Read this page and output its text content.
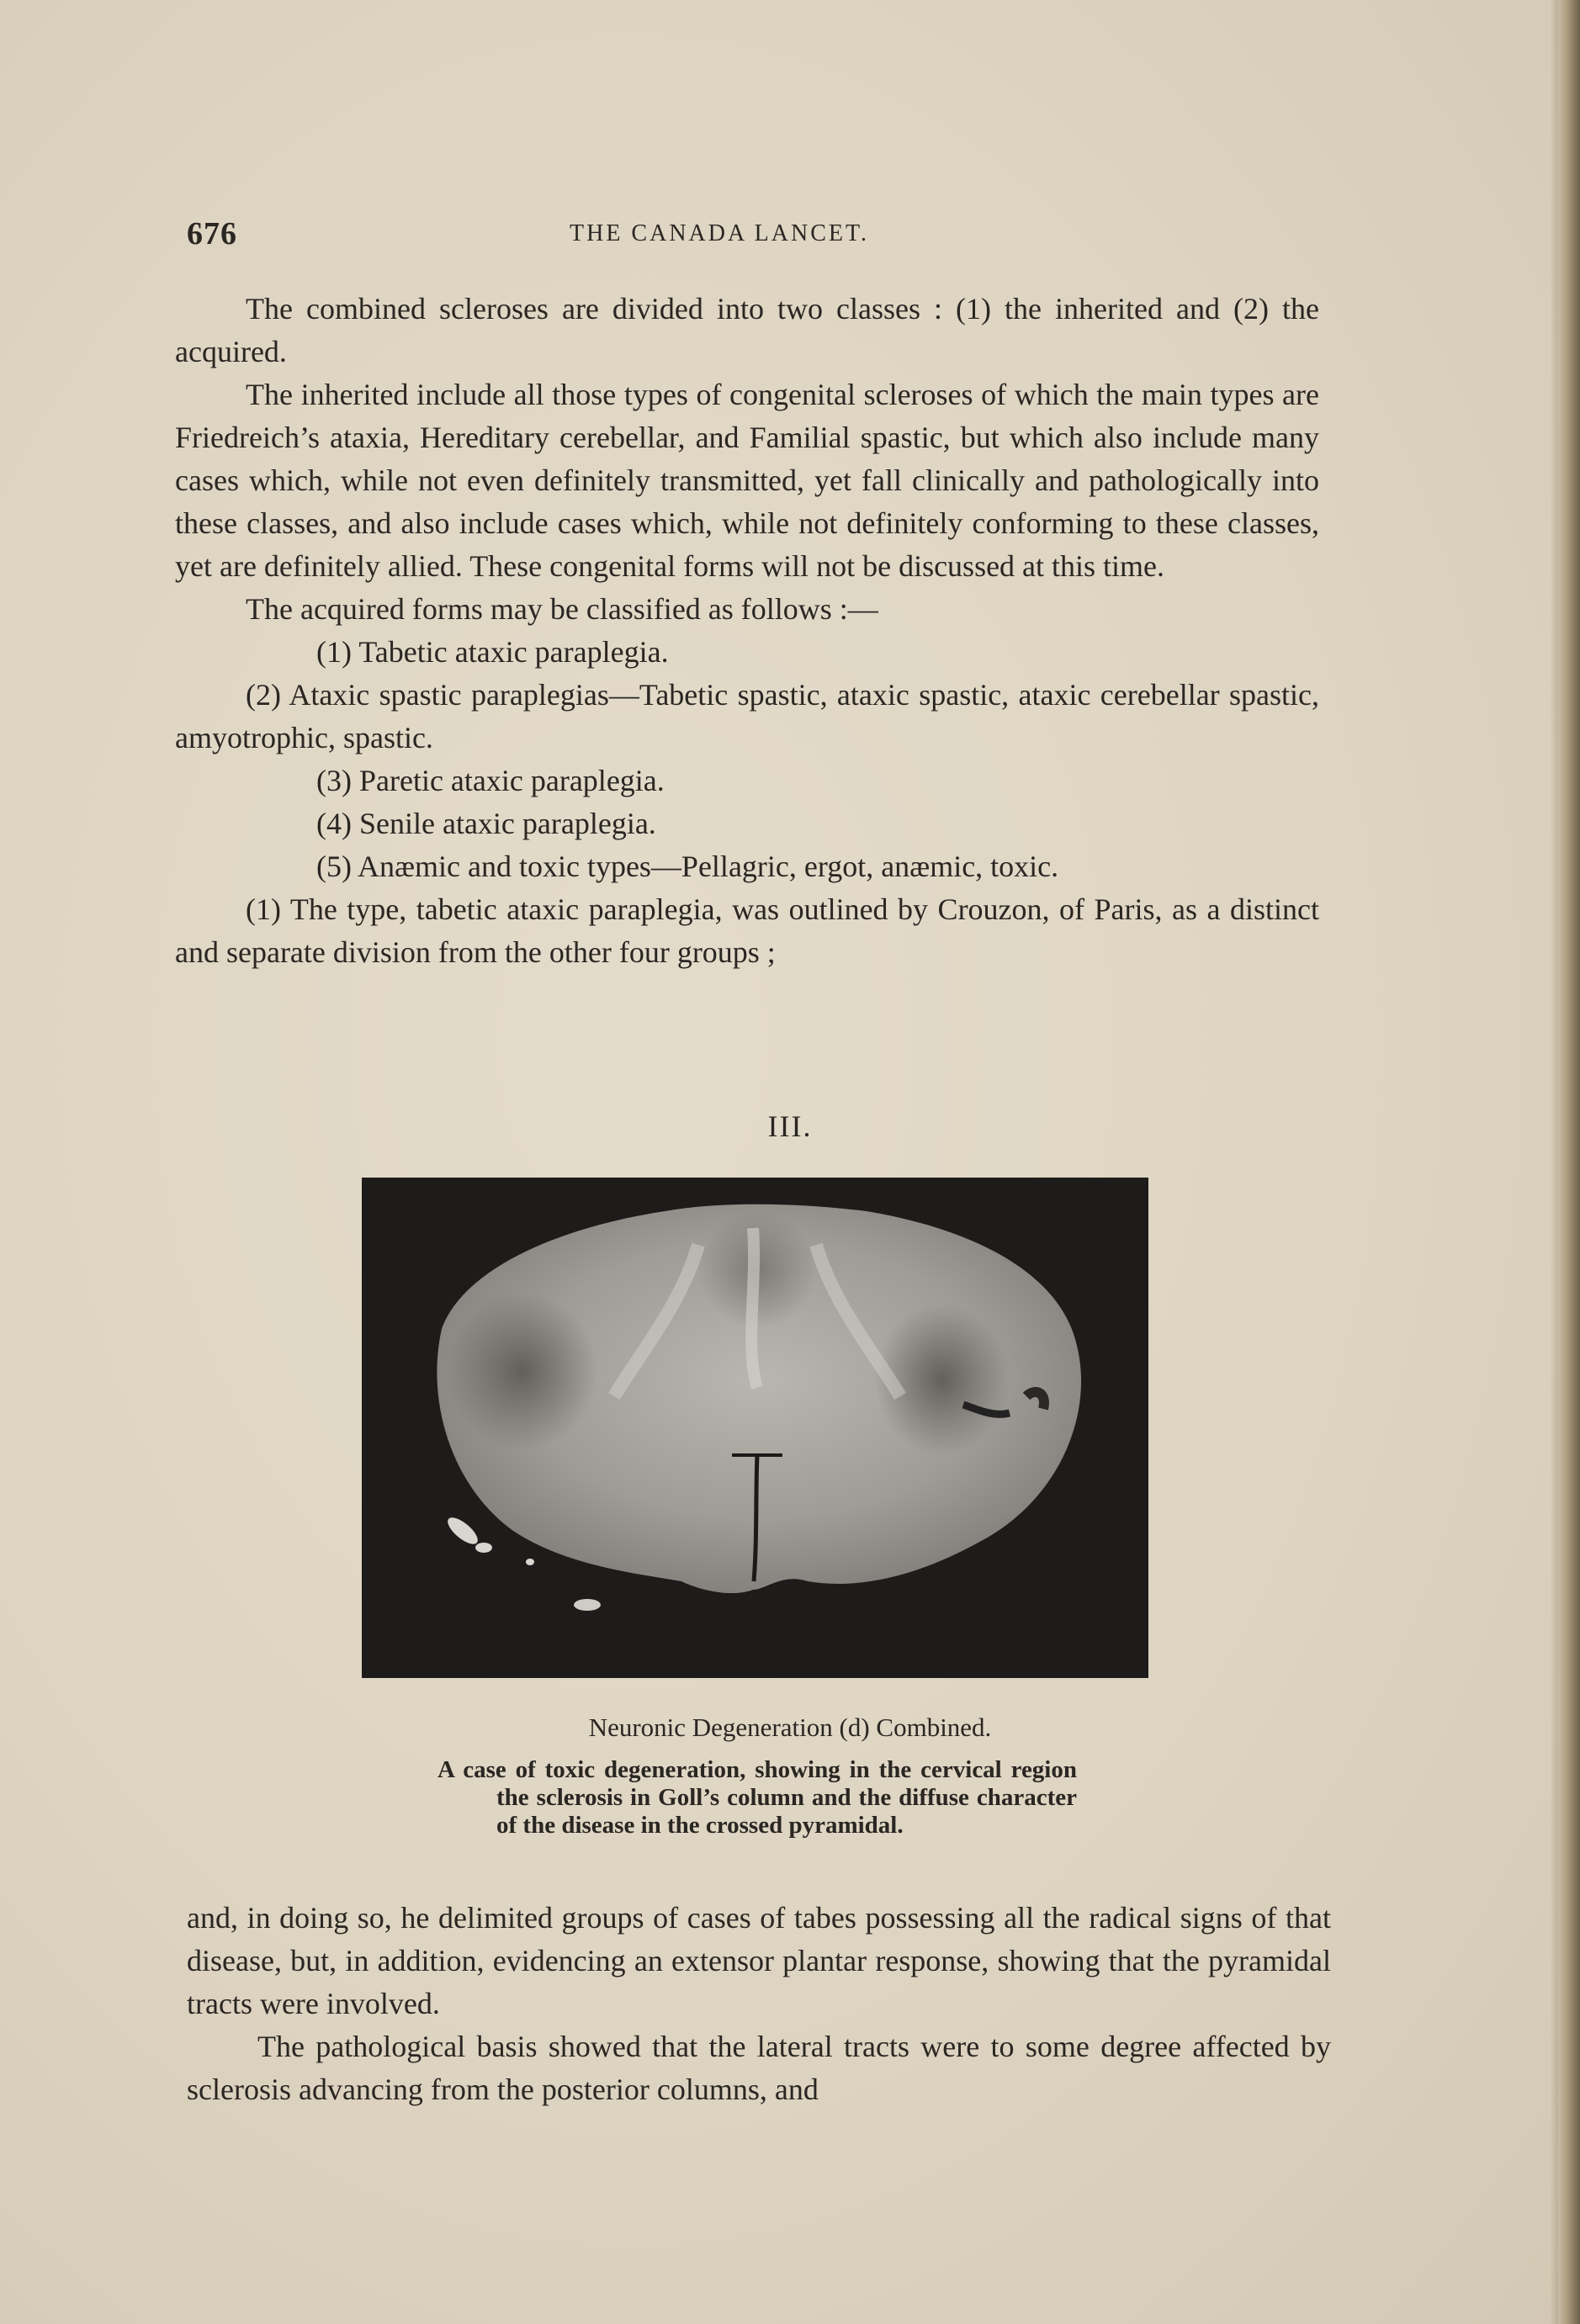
676	THE CANADA LANCET.

The combined scleroses are divided into two classes : (1) the inherited and (2) the acquired.

The inherited include all those types of congenital scleroses of which the main types are Friedreich’s ataxia, Hereditary cerebellar, and Familial spastic, but which also include many cases which, while not even definitely transmitted, yet fall clinically and pathologically into these classes, and also include cases which, while not definitely conforming to these classes, yet are definitely allied. These congenital forms will not be discussed at this time.

The acquired forms may be classified as follows :—

(1) Tabetic ataxic paraplegia.

(2) Ataxic spastic paraplegias—Tabetic spastic, ataxic spastic, ataxic cerebellar spastic, amyotrophic, spastic.

(3) Paretic ataxic paraplegia.

(4) Senile ataxic paraplegia.

(5) Anæmic and toxic types—Pellagric, ergot, anæmic, toxic.

(1) The type, tabetic ataxic paraplegia, was outlined by Crouzon, of Paris, as a distinct and separate division from the other four groups ;

III.
Neuronic Degeneration (d) Combined.
A case of toxic degeneration, showing in the cervical region the sclerosis in Goll’s column and the diffuse character of the disease in the crossed pyramidal.

and, in doing so, he delimited groups of cases of tabes possessing all the radical signs of that disease, but, in addition, evidencing an extensor plantar response, showing that the pyramidal tracts were involved.

The pathological basis showed that the lateral tracts were to some degree affected by sclerosis advancing from the posterior columns, and
